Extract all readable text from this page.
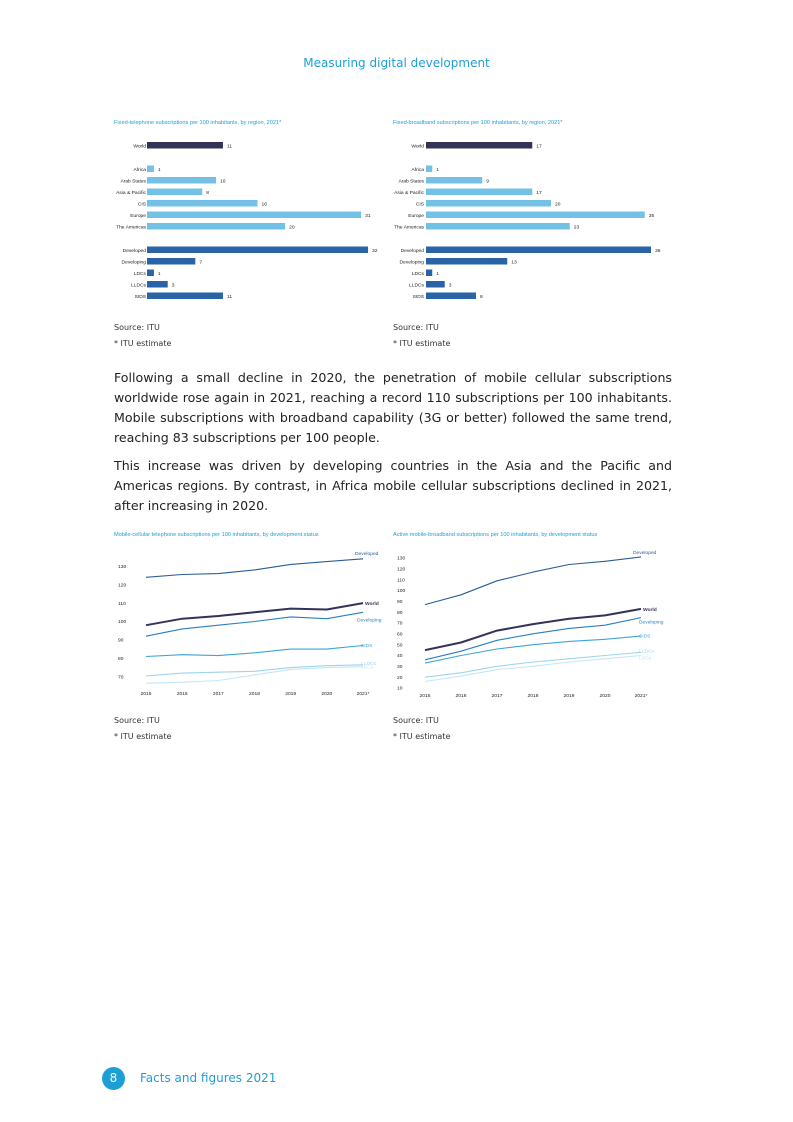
Measuring digital development
Fixed-telephone subscriptions per 100 inhabitants, by region, 2021*
World	11
Africa 1
Arab States	10
Asia & Pacific	8
CIS	16
Europe	31
The Americas	20
Developed	32
Developing	7
LDCs 1
LLDCs	3
SIDS	11
Source: ITU
* ITU estimate
Fixed-broadband subscriptions per 100 inhabitants, by region, 2021*
World	17
Africa	1
Arab States	9
Asia & Pacific	17
CIS	20
Europe	35
The Americas	23
Developed	36
Developing	13
LDCs	1
LLDCs	3
SIDS	8
Source: ITU
* ITU estimate

Following a small decline in 2020, the penetration of mobile cellular subscriptions worldwide rose again in 2021, reaching a record 110 subscriptions per 100 inhabitants. Mobile subscriptions with broadband capability (3G or better) followed the same trend, reaching 83 subscriptions per 100 people.

This increase was driven by developing countries in the Asia and the Pacific and Americas regions. By contrast, in Africa mobile cellular subscriptions declined in 2021, after increasing in 2020.

Mobile-cellular telephone subscriptions per 100 inhabitants, by development status
70
80
90
100
110
120
130
2015	2016	2017	2018	2019	2020	2021*
Developed
World
Developing
SIDS
LLDCs
LDCs
Source: ITU
* ITU estimate
Active mobile-broadband subscriptions per 100 inhabitants, by development status
10
20
30
40
50
60
70
80
90
100
110
120
130
2015	2016	2017	2018	2019	2020	2021*
Developed
World
Developing
SIDS
LLDCs
LDCs
Source: ITU
* ITU estimate
8	Facts and figures 2021
